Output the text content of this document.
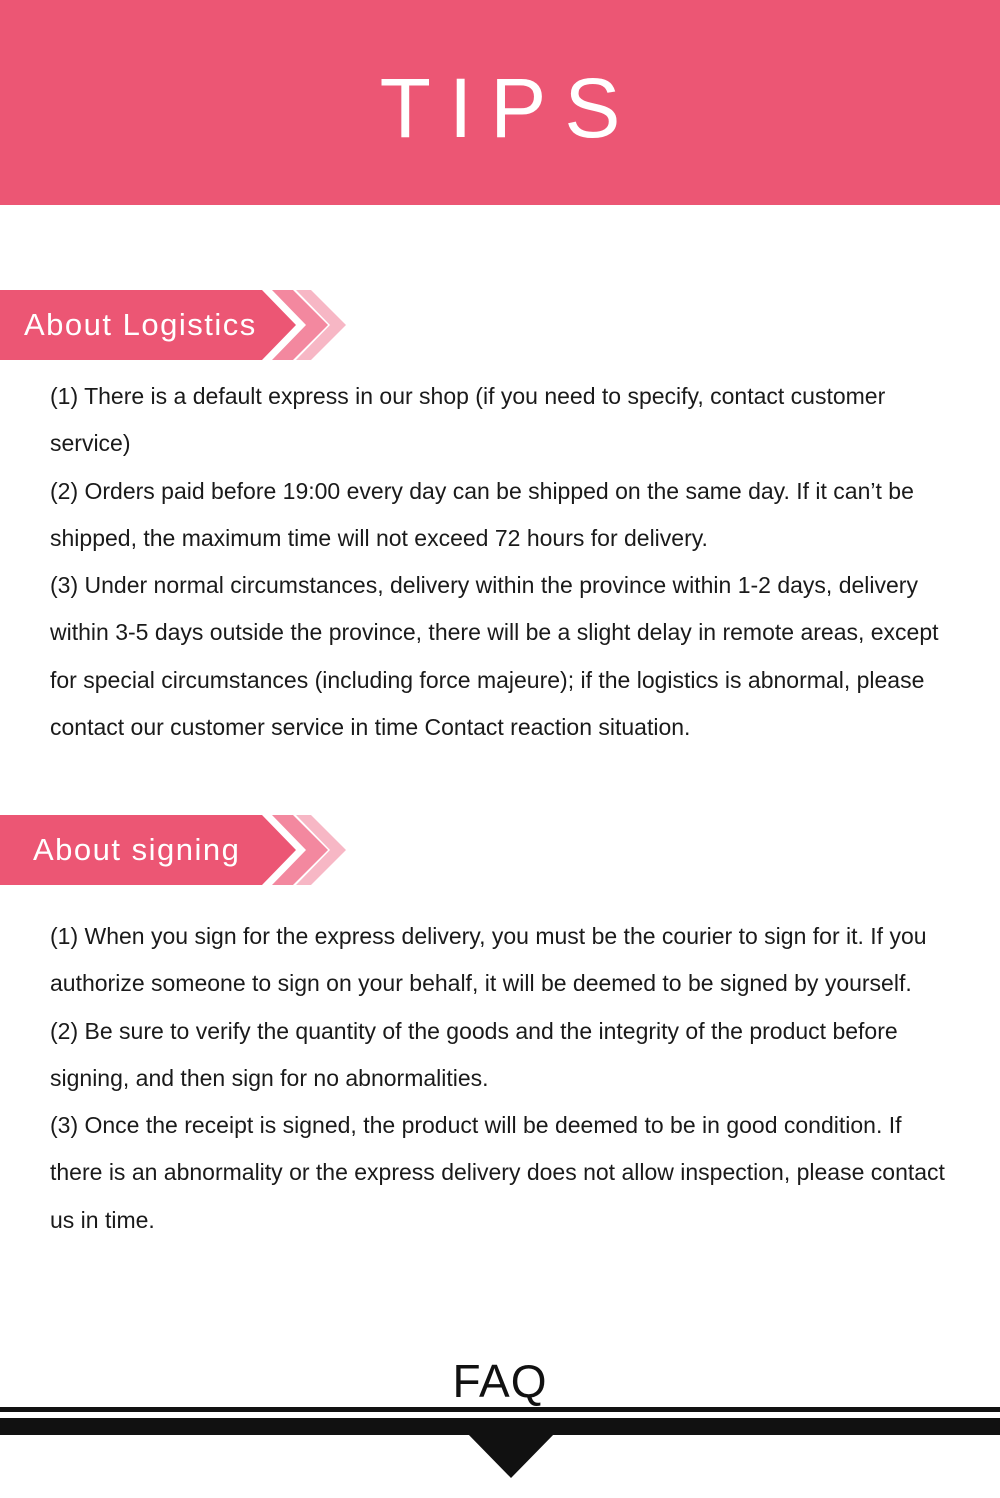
TIPS
About Logistics

(1) There is a default express in our shop (if you need to specify, contact customer service)

(2) Orders paid before 19:00 every day can be shipped on the same day. If it can’t be shipped, the maximum time will not exceed 72 hours for delivery.

(3) Under normal circumstances, delivery within the province within 1-2 days, delivery within 3-5 days outside the province, there will be a slight delay in remote areas, except for special circumstances (including force majeure); if the logistics is abnormal, please contact our customer service in time Contact reaction situation.

About signing

(1) When you sign for the express delivery, you must be the courier to sign for it. If you authorize someone to sign on your behalf, it will be deemed to be signed by yourself.

(2) Be sure to verify the quantity of the goods and the integrity of the product before signing, and then sign for no abnormalities.

(3) Once the receipt is signed, the product will be deemed to be in good condition. If there is an abnormality or the express delivery does not allow inspection, please contact us in time.

FAQ
